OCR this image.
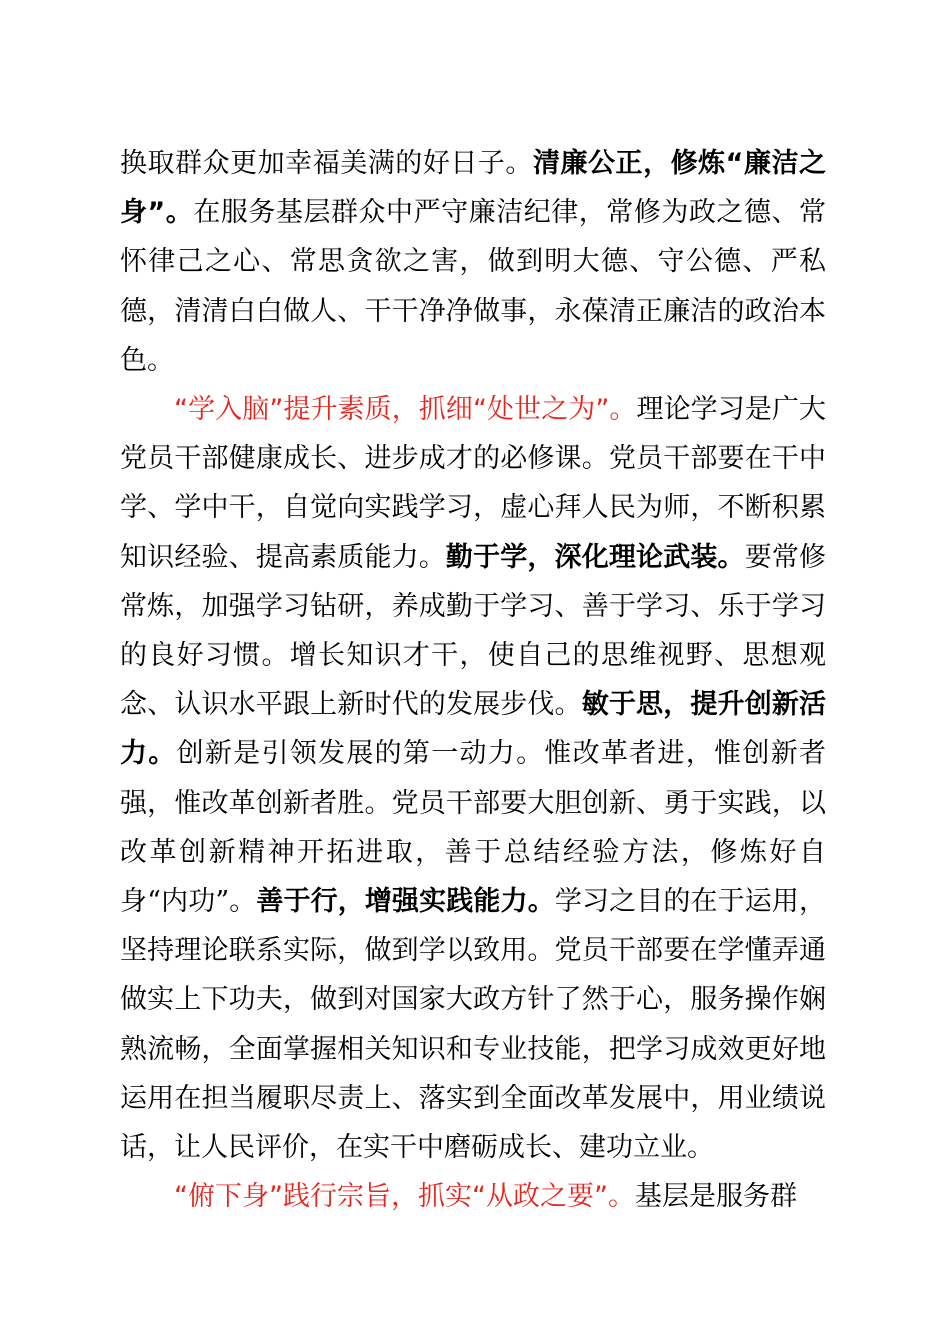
换取群众更加幸福美满的好日子。清廉公正，修炼“廉洁之身”。在服务基层群众中严守廉洁纪律，常修为政之德、常怀律己之心、常思贪欲之害，做到明大德、守公德、严私德，清清白白做人、干干净净做事，永葆清正廉洁的政治本色。

“学入脑”提升素质，抓细“处世之为”。理论学习是广大党员干部健康成长、进步成才的必修课。党员干部要在干中学、学中干，自觉向实践学习，虚心拜人民为师，不断积累知识经验、提高素质能力。勤于学，深化理论武装。要常修常炼，加强学习钻研，养成勤于学习、善于学习、乐于学习的良好习惯。增长知识才干，使自己的思维视野、思想观念、认识水平跟上新时代的发展步伐。敏于思，提升创新活力。创新是引领发展的第一动力。惟改革者进，惟创新者强，惟改革创新者胜。党员干部要大胆创新、勇于实践，以改革创新精神开拓进取，善于总结经验方法，修炼好自身“内功”。善于行，增强实践能力。学习之目的在于运用，坚持理论联系实际，做到学以致用。党员干部要在学懂弄通做实上下功夫，做到对国家大政方针了然于心，服务操作娴熟流畅，全面掌握相关知识和专业技能，把学习成效更好地运用在担当履职尽责上、落实到全面改革发展中，用业绩说话，让人民评价，在实干中磨砺成长、建功立业。

“俯下身”践行宗旨，抓实“从政之要”。基层是服务群
